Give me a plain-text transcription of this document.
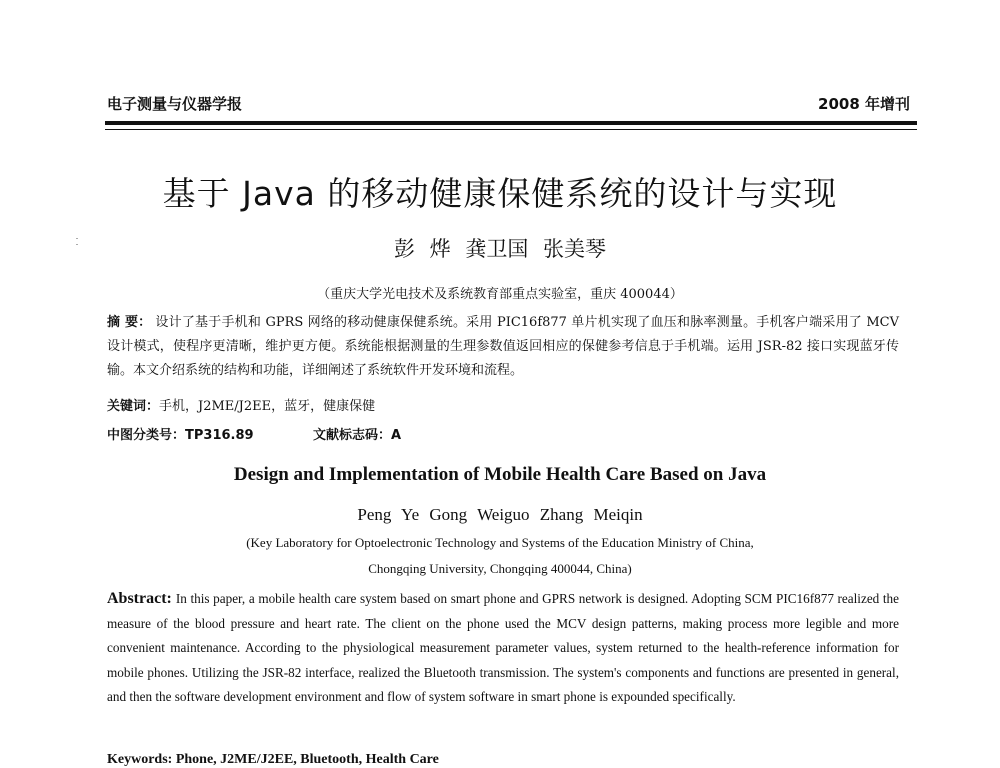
电子测量与仪器学报	2008 年增刊
基于 Java 的移动健康保健系统的设计与实现
彭 烨 龚卫国 张美琴
（重庆大学光电技术及系统教育部重点实验室，重庆 400044）
摘 要： 设计了基于手机和 GPRS 网络的移动健康保健系统。采用 PIC16f877 单片机实现了血压和脉率测量。手机客户端采用了 MCV 设计模式，使程序更清晰，维护更方便。系统能根据测量的生理参数值返回相应的保健参考信息于手机端。运用 JSR-82 接口实现蓝牙传输。本文介绍系统的结构和功能，详细阐述了系统软件开发环境和流程。
关键词：手机，J2ME/J2EE，蓝牙，健康保健
中图分类号：TP316.89	文献标志码：A
Design and Implementation of Mobile Health Care Based on Java
Peng Ye Gong Weiguo Zhang Meiqin
(Key Laboratory for Optoelectronic Technology and Systems of the Education Ministry of China,
Chongqing University, Chongqing 400044, China)
Abstract: In this paper, a mobile health care system based on smart phone and GPRS network is designed. Adopting SCM PIC16f877 realized the measure of the blood pressure and heart rate. The client on the phone used the MCV design patterns, making process more legible and more convenient maintenance. According to the physiological measurement parameter values, system returned to the health-reference information for mobile phones. Utilizing the JSR-82 interface, realized the Bluetooth transmission. The system's components and functions are presented in general, and then the software development environment and flow of system software in smart phone is expounded specifically.
Keywords: Phone, J2ME/J2EE, Bluetooth, Health Care
